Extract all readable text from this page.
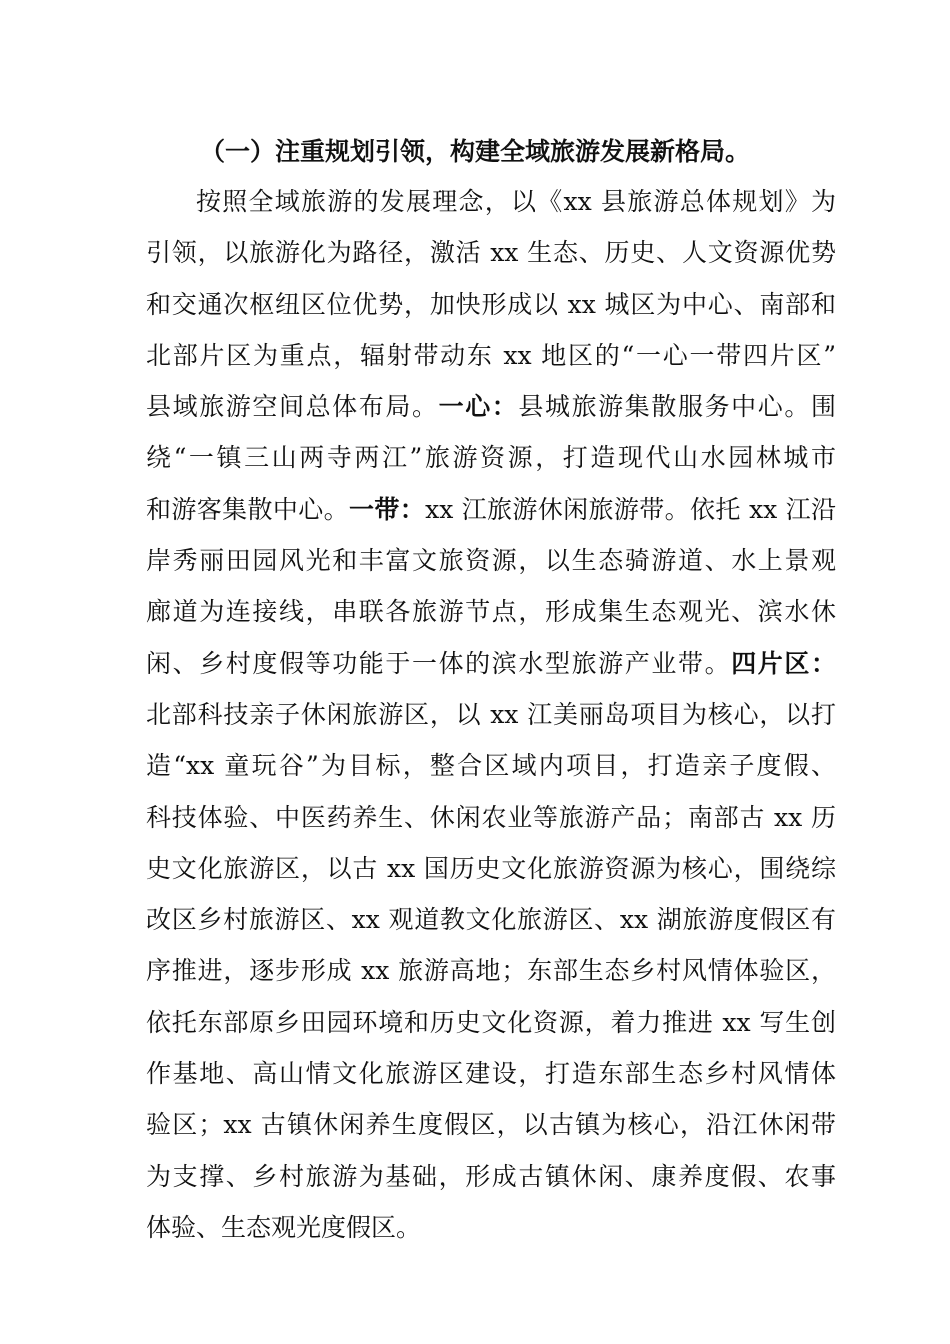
（一）注重规划引领，构建全域旅游发展新格局。
按照全域旅游的发展理念，以《xx 县旅游总体规划》为
引领，以旅游化为路径，激活 xx 生态、历史、人文资源优势
和交通次枢纽区位优势，加快形成以 xx 城区为中心、南部和
北部片区为重点，辐射带动东 xx 地区的“一心一带四片区”
县域旅游空间总体布局。一心：县城旅游集散服务中心。围
绕“一镇三山两寺两江”旅游资源，打造现代山水园林城市
和游客集散中心。一带：xx 江旅游休闲旅游带。依托 xx 江沿
岸秀丽田园风光和丰富文旅资源，以生态骑游道、水上景观
廊道为连接线，串联各旅游节点，形成集生态观光、滨水休
闲、乡村度假等功能于一体的滨水型旅游产业带。四片区：
北部科技亲子休闲旅游区，以 xx 江美丽岛项目为核心，以打
造“xx 童玩谷”为目标，整合区域内项目，打造亲子度假、
科技体验、中医药养生、休闲农业等旅游产品；南部古 xx 历
史文化旅游区，以古 xx 国历史文化旅游资源为核心，围绕综
改区乡村旅游区、xx 观道教文化旅游区、xx 湖旅游度假区有
序推进，逐步形成 xx 旅游高地；东部生态乡村风情体验区，
依托东部原乡田园环境和历史文化资源，着力推进 xx 写生创
作基地、高山情文化旅游区建设，打造东部生态乡村风情体
验区；xx 古镇休闲养生度假区，以古镇为核心，沿江休闲带
为支撑、乡村旅游为基础，形成古镇休闲、康养度假、农事
体验、生态观光度假区。
